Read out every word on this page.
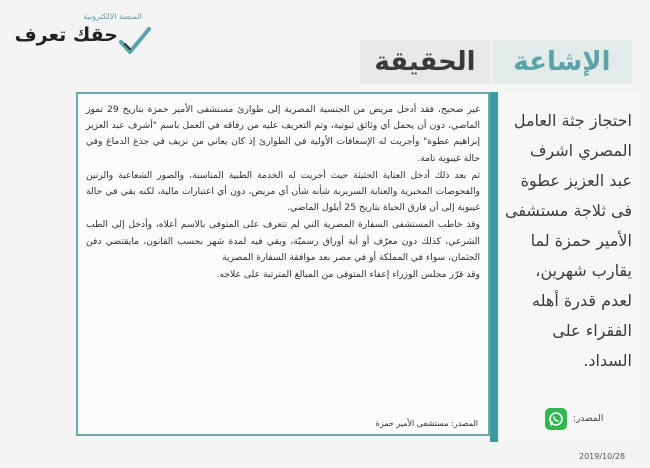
المنصة الالكترونية
حقك تعرف
الإشاعة
الحقيقة
احتجاز جثة العامل المصري اشرف عبد العزيز عطوة فى ثلاجة مستشفى الأمير حمزة لما يقارب شهرين، لعدم قدرة أهله الفقراء على السداد.
المصدر:

غير صحيح، فقد أدخل مريض من الجنسية المصرية إلى طوارئ مستشفى الأمير حمزة بتاريخ 29 تموز الماضي، دون أن يحمل أي وثائق ثبوتية، وتم التعريف عليه من رفاقه في العمل باسم "أشرف عبد العزيز إبراهيم عطوة" وأجريت له الإسعافات الأولية في الطوارئ إذ كان يعاني من نزيف في جذع الدماغ وفي حالة غيبوبة تامة.

ثم بعد ذلك أدخل العناية الحثيثة حيث أجريت له الخدمة الطبية المناسبة، والصور الشعاعية والرنين والفحوصات المخبرية والعناية السريرية شأنه شأن أي مريض، دون أي اعتبارات مالية، لكنه بقي في حالة غيبوبة إلى أن فارق الحياة بتاريخ 25 أيلول الماضي.

وقد خاطب المستشفى السفارة المصرية التي لم تتعرف على المتوفى بالاسم أعلاه، وأدخل إلى الطب الشرعي، كذلك دون معرّف أو أية أوراق رسميّة، وبقي فيه لمدة شهر بحسب القانون، مايقتضي دفن الجثمان، سواء في المملكة أو في مصر بعد موافقة السفارة المصرية

وقد قرّر مجلس الوزراء إعفاء المتوفى من المبالغ المترتبة على علاجه.

المصدر: مستشفى الأمير حمزة
2019/10/28
